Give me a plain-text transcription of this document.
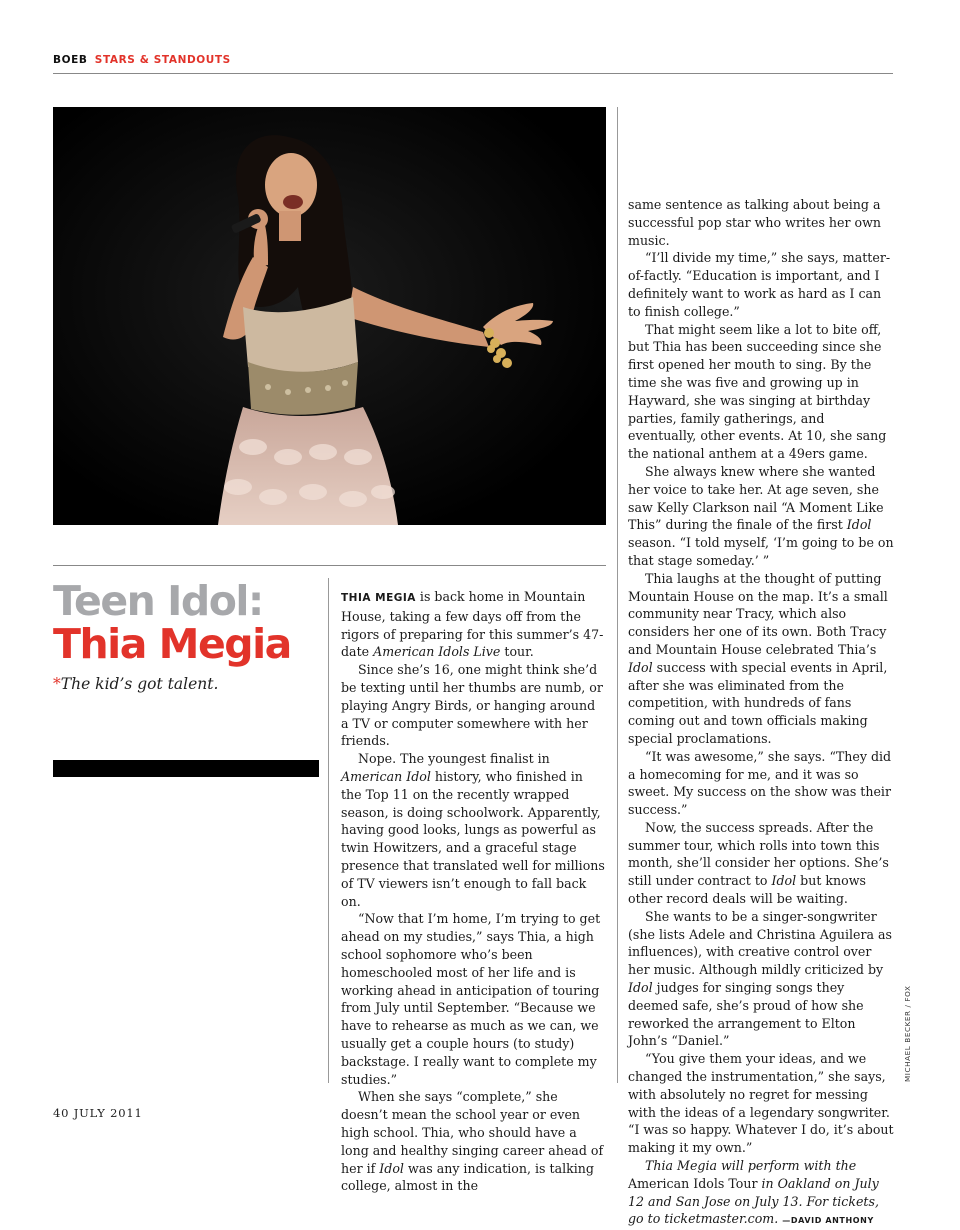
BOEB STARS & STANDOUTS
Teen Idol:
Thia Megia
*The kid’s got talent.

THIA MEGIA is back home in Mountain House, taking a few days off from the rigors of preparing for this summer’s 47-date American Idols Live tour.

Since she’s 16, one might think she’d be texting until her thumbs are numb, or playing Angry Birds, or hanging around a TV or computer somewhere with her friends.

Nope. The youngest finalist in American Idol history, who finished in the Top 11 on the recently wrapped season, is doing schoolwork. Apparently, having good looks, lungs as powerful as twin Howitzers, and a graceful stage presence that translated well for millions of TV viewers isn’t enough to fall back on.

“Now that I’m home, I’m trying to get ahead on my studies,” says Thia, a high school sophomore who’s been homeschooled most of her life and is working ahead in anticipation of touring from July until September. “Because we have to rehearse as much as we can, we usually get a couple hours (to study) backstage. I really want to complete my studies.”

When she says “complete,” she doesn’t mean the school year or even high school. Thia, who should have a long and healthy singing career ahead of her if Idol was any indication, is talking college, almost in the

same sentence as talking about being a successful pop star who writes her own music.

“I’ll divide my time,” she says, matter-of-factly. “Education is important, and I definitely want to work as hard as I can to finish college.”

That might seem like a lot to bite off, but Thia has been succeeding since she first opened her mouth to sing. By the time she was five and growing up in Hayward, she was singing at birthday parties, family gatherings, and eventually, other events. At 10, she sang the national anthem at a 49ers game.

She always knew where she wanted her voice to take her. At age seven, she saw Kelly Clarkson nail “A Moment Like This” during the finale of the first Idol season. “I told myself, ‘I’m going to be on that stage someday.’ ”

Thia laughs at the thought of putting Mountain House on the map. It’s a small community near Tracy, which also considers her one of its own. Both Tracy and Mountain House celebrated Thia’s Idol success with special events in April, after she was eliminated from the competition, with hundreds of fans coming out and town officials making special proclamations.

“It was awesome,” she says. “They did a homecoming for me, and it was so sweet. My success on the show was their success.”

Now, the success spreads. After the summer tour, which rolls into town this month, she’ll consider her options. She’s still under contract to Idol but knows other record deals will be waiting.

She wants to be a singer-songwriter (she lists Adele and Christina Aguilera as influences), with creative control over her music. Although mildly criticized by Idol judges for singing songs they deemed safe, she’s proud of how she reworked the arrangement to Elton John’s “Daniel.”

“You give them your ideas, and we changed the instrumentation,” she says, with absolutely no regret for messing with the ideas of a legendary songwriter. “I was so happy. Whatever I do, it’s about making it my own.”

Thia Megia will perform with the American Idols Tour in Oakland on July 12 and San Jose on July 13. For tickets, go to ticketmaster.com. —DAVID ANTHONY

MICHAEL BECKER / FOX
40 JULY 2011
